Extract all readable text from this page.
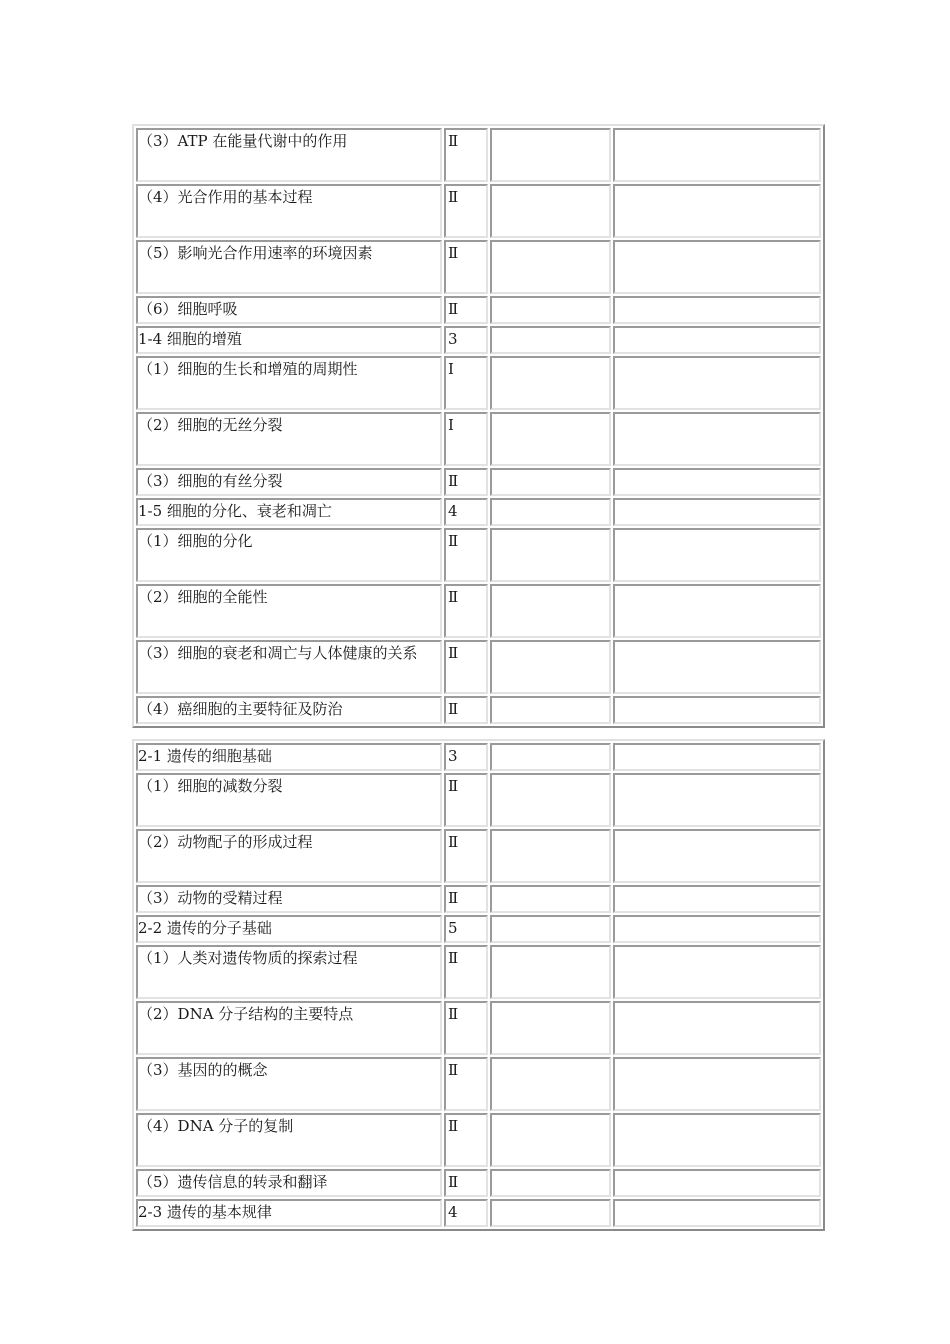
（3）ATP 在能量代谢中的作用	Ⅱ		
（4）光合作用的基本过程	Ⅱ		
（5）影响光合作用速率的环境因素	Ⅱ		
（6）细胞呼吸	Ⅱ		
1-4 细胞的增殖	3		
（1）细胞的生长和增殖的周期性	Ⅰ		
（2）细胞的无丝分裂	Ⅰ		
（3）细胞的有丝分裂	Ⅱ		
1-5 细胞的分化、衰老和凋亡	4		
（1）细胞的分化	Ⅱ		
（2）细胞的全能性	Ⅱ		
（3）细胞的衰老和凋亡与人体健康的关系	Ⅱ		
（4）癌细胞的主要特征及防治	Ⅱ		
2-1 遗传的细胞基础	3		
（1）细胞的减数分裂	Ⅱ		
（2）动物配子的形成过程	Ⅱ		
（3）动物的受精过程	Ⅱ		
2-2 遗传的分子基础	5		
（1）人类对遗传物质的探索过程	Ⅱ		
（2）DNA 分子结构的主要特点	Ⅱ		
（3）基因的的概念	Ⅱ		
（4）DNA 分子的复制	Ⅱ		
（5）遗传信息的转录和翻译	Ⅱ		
2-3 遗传的基本规律	4		
